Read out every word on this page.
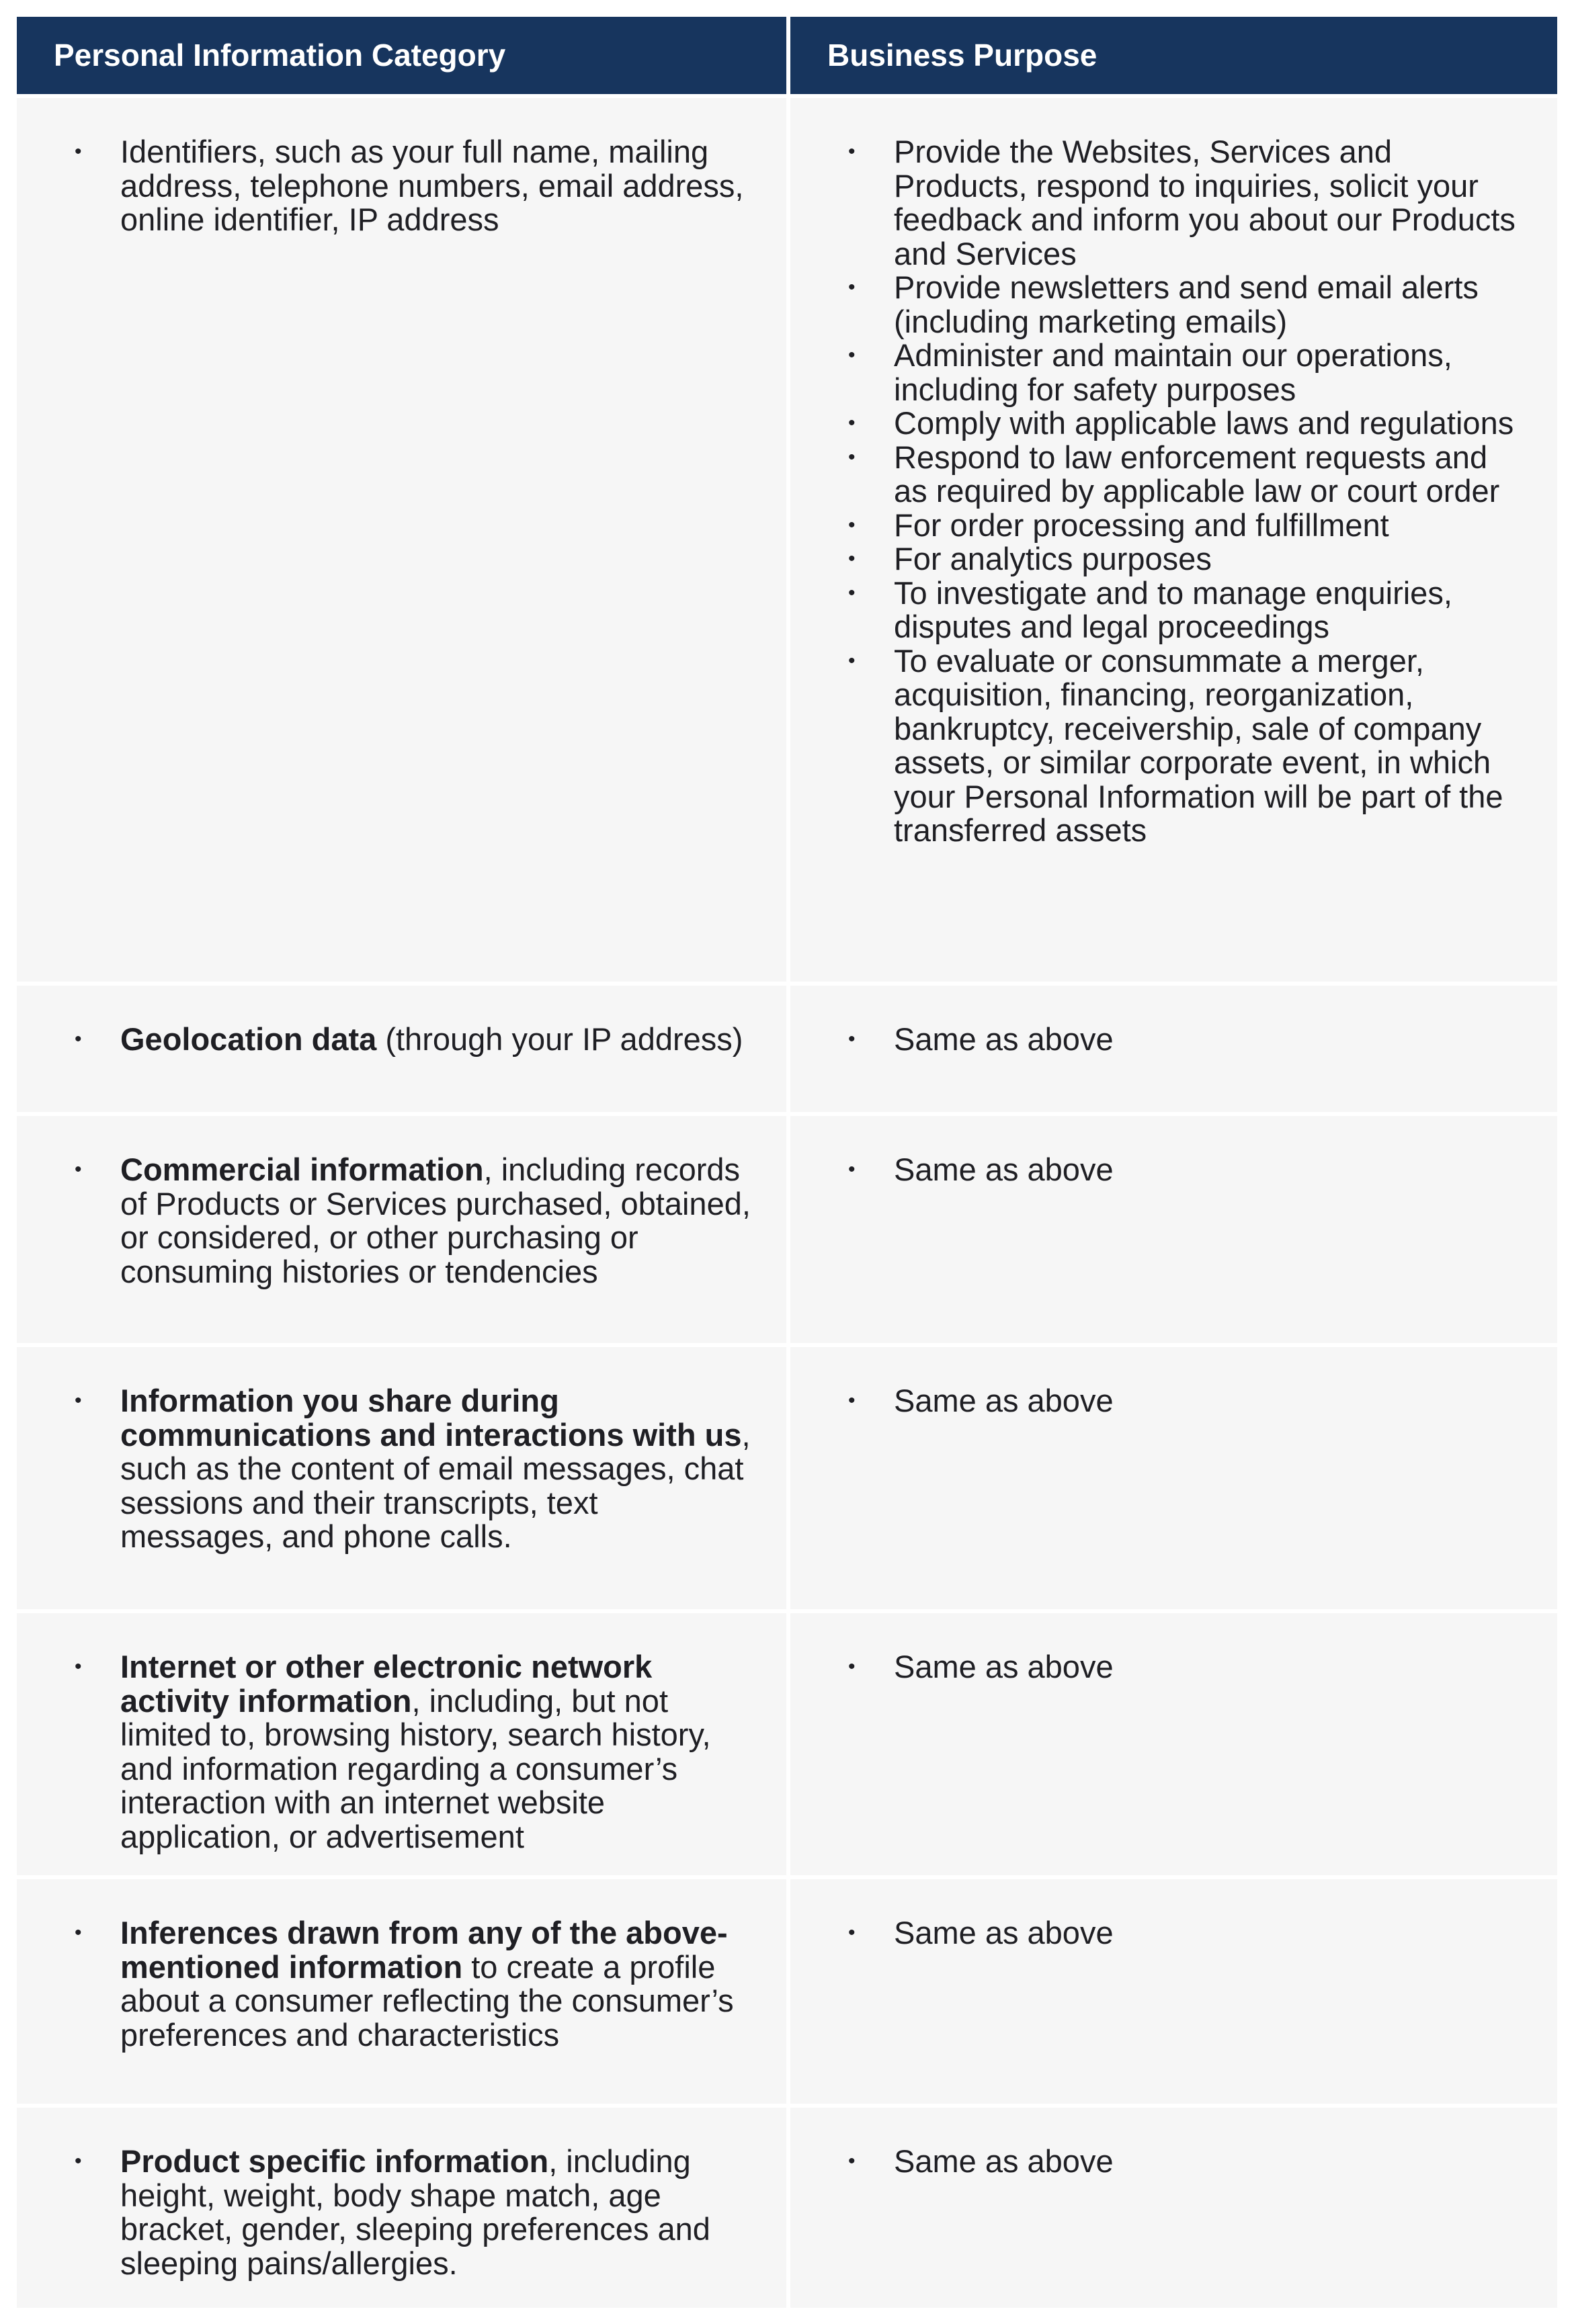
Personal Information Category	Business Purpose
• Identifiers, such as your full name, mailing address, telephone numbers, email address, online identifier, IP address
• Provide the Websites, Services and Products, respond to inquiries, solicit your feedback and inform you about our Products and Services
• Provide newsletters and send email alerts (including marketing emails)
• Administer and maintain our operations, including for safety purposes
• Comply with applicable laws and regulations
• Respond to law enforcement requests and as required by applicable law or court order
• For order processing and fulfillment
• For analytics purposes
• To investigate and to manage enquiries, disputes and legal proceedings
• To evaluate or consummate a merger, acquisition, financing, reorganization, bankruptcy, receivership, sale of company assets, or similar corporate event, in which your Personal Information will be part of the transferred assets
• Geolocation data (through your IP address)	• Same as above
• Commercial information, including records of Products or Services purchased, obtained, or considered, or other purchasing or consuming histories or tendencies
• Same as above
• Information you share during communications and interactions with us, such as the content of email messages, chat sessions and their transcripts, text messages, and phone calls.
• Same as above
• Internet or other electronic network activity information, including, but not limited to, browsing history, search history, and information regarding a consumer’s interaction with an internet website application, or advertisement
• Same as above
• Inferences drawn from any of the above-mentioned information to create a profile about a consumer reflecting the consumer’s preferences and characteristics
• Same as above
• Product specific information, including height, weight, body shape match, age bracket, gender, sleeping preferences and sleeping pains/allergies.
• Same as above
